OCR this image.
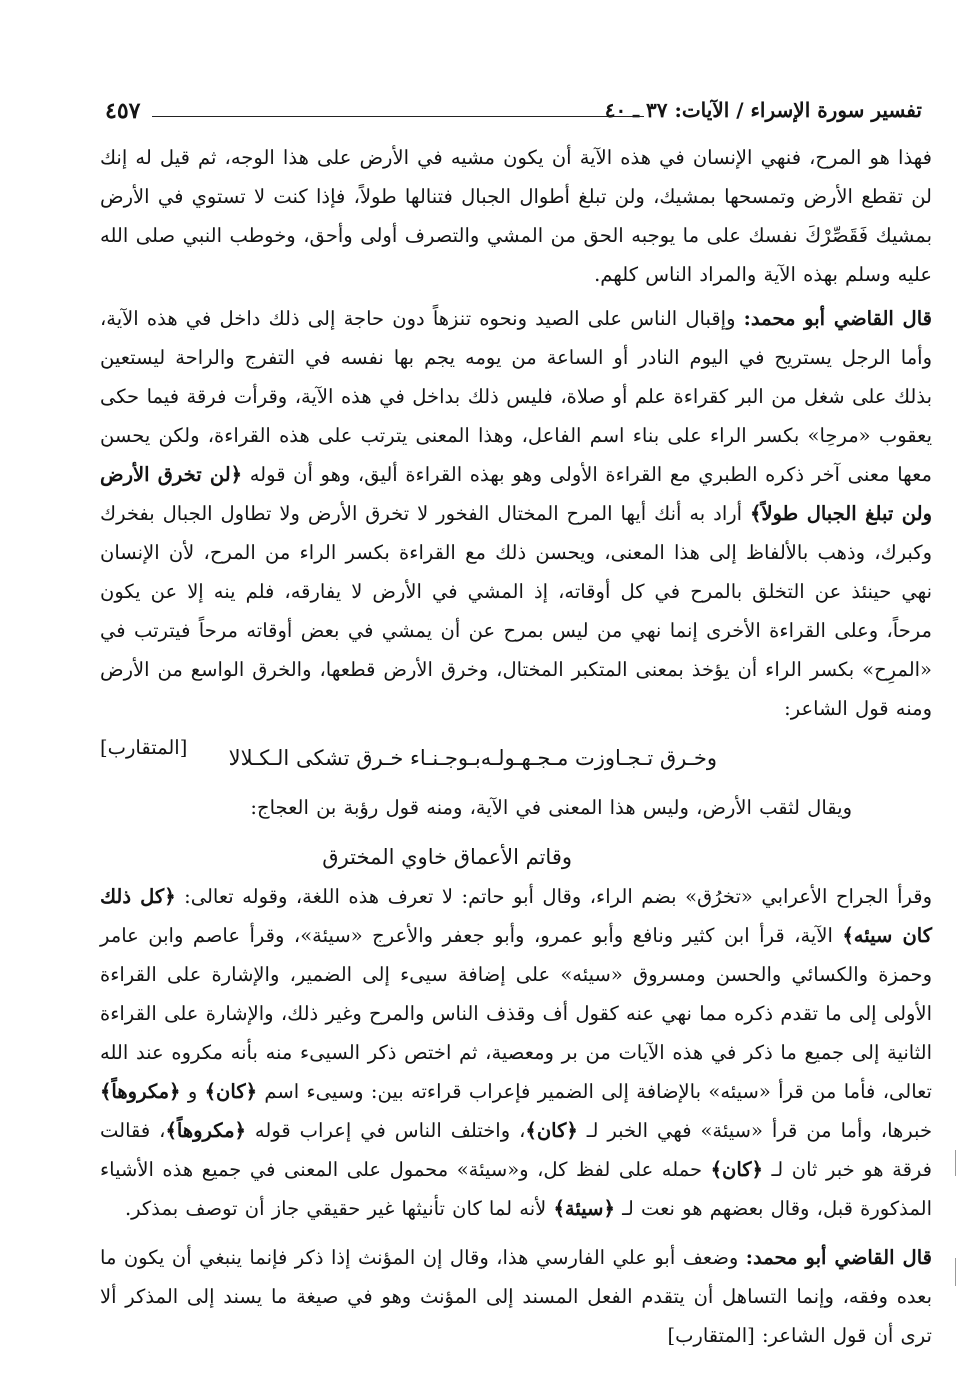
تفسير سورة الإسراء / الآيات: ٣٧ ـ ٤٠
٤٥٧

فهذا هو المرح، فنهي الإنسان في هذه الآية أن يكون مشيه في الأرض على هذا الوجه، ثم قيل له إنك لن تقطع الأرض وتمسحها بمشيك، ولن تبلغ أطوال الجبال فتنالها طولاً، فإذا كنت لا تستوي في الأرض بمشيك فَقَصِّرْكَ نفسك على ما يوجبه الحق من المشي والتصرف أولى وأحق، وخوطب النبي صلى الله عليه وسلم بهذه الآية والمراد الناس كلهم.

قال القاضي أبو محمد: وإقبال الناس على الصيد ونحوه تنزهاً دون حاجة إلى ذلك داخل في هذه الآية، وأما الرجل يستريح في اليوم النادر أو الساعة من يومه يجم بها نفسه في التفرج والراحة ليستعين بذلك على شغل من البر كقراءة علم أو صلاة، فليس ذلك بداخل في هذه الآية، وقرأت فرقة فيما حكى يعقوب «مرحِا» بكسر الراء على بناء اسم الفاعل، وهذا المعنى يترتب على هذه القراءة، ولكن يحسن معها معنى آخر ذكره الطبري مع القراءة الأولى وهو بهذه القراءة أليق، وهو أن قوله ﴿لن تخرق الأرض ولن تبلغ الجبال طولاً﴾ أراد به أنك أيها المرح المختال الفخور لا تخرق الأرض ولا تطاول الجبال بفخرك وكبرك، وذهب بالألفاظ إلى هذا المعنى، ويحسن ذلك مع القراءة بكسر الراء من المرح، لأن الإنسان نهي حينئذ عن التخلق بالمرح في كل أوقاته، إذ المشي في الأرض لا يفارقه، فلم ينه إلا عن يكون مرحاً، وعلى القراءة الأخرى إنما نهي من ليس بمرح عن أن يمشي في بعض أوقاته مرحاً فيترتب في «المرِح» بكسر الراء أن يؤخذ بمعنى المتكبر المختال، وخرق الأرض قطعها، والخرق الواسع من الأرض ومنه قول الشاعر:
[المتقارب]	وخـرق تـجـاوزت مـجـهـولـه
بـوجـنـاء خـرق تشكى الـكـلالا

ويقال لثقب الأرض، وليس هذا المعنى في الآية، ومنه قول رؤبة بن العجاج:

وقاتم الأعماق خاوي المخترق

وقرأ الجراح الأعرابي «تخرُق» بضم الراء، وقال أبو حاتم: لا تعرف هذه اللغة، وقوله تعالى: ﴿كل ذلك كان سيئه﴾ الآية، قرأ ابن كثير ونافع وأبو عمرو، وأبو جعفر والأعرج «سيئة»، وقرأ عاصم وابن عامر وحمزة والكسائي والحسن ومسروق «سيئه» على إضافة سيىء إلى الضمير، والإشارة على القراءة الأولى إلى ما تقدم ذكره مما نهي عنه كقول أف وقذف الناس والمرح وغير ذلك، والإشارة على القراءة الثانية إلى جميع ما ذكر في هذه الآيات من بر ومعصية، ثم اختص ذكر السيىء منه بأنه مكروه عند الله تعالى، فأما من قرأ «سيئه» بالإضافة إلى الضمير فإعراب قراءته بين: وسيىء اسم ﴿كان﴾ و ﴿مكروهاً﴾ خبرها، وأما من قرأ «سيئة» فهي الخبر لـ ﴿كان﴾، واختلف الناس في إعراب قوله ﴿مكروهاً﴾، فقالت فرقة هو خبر ثان لـ ﴿كان﴾ حمله على لفظ كل، و«سيئة» محمول على المعنى في جميع هذه الأشياء المذكورة قبل، وقال بعضهم هو نعت لـ ﴿سيئة﴾ لأنه لما كان تأنيثها غير حقيقي جاز أن توصف بمذكر.

قال القاضي أبو محمد: وضعف أبو علي الفارسي هذا، وقال إن المؤنث إذا ذكر فإنما ينبغي أن يكون ما بعده وفقه، وإنما التساهل أن يتقدم الفعل المسند إلى المؤنث وهو في صيغة ما يسند إلى المذكر ألا ترى أن قول الشاعر: [المتقارب]
